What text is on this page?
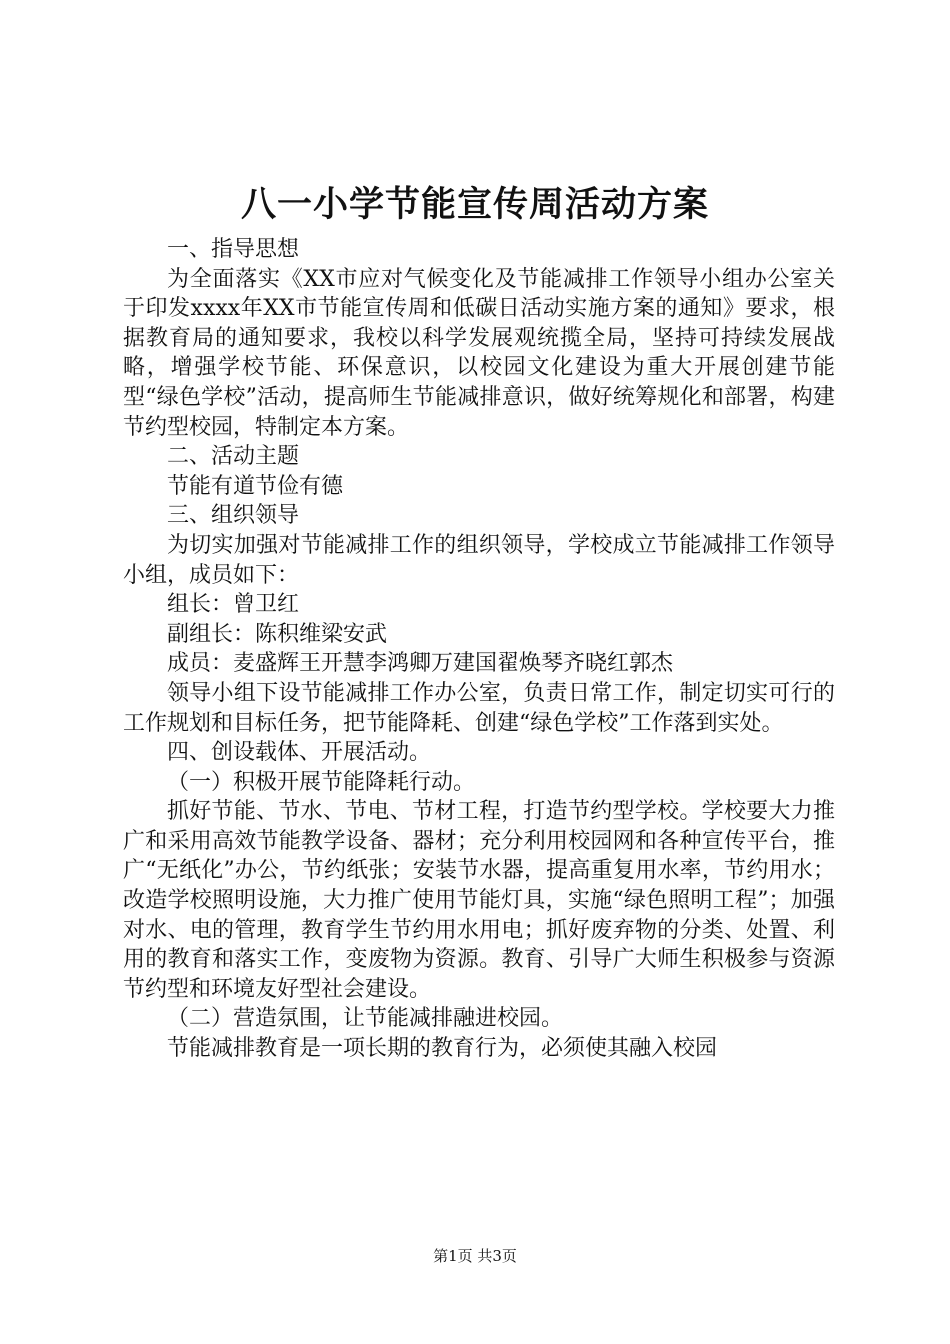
八一小学节能宣传周活动方案

一、指导思想

为全面落实《XX市应对气候变化及节能减排工作领导小组办公室关于印发xxxx年XX市节能宣传周和低碳日活动实施方案的通知》要求，根据教育局的通知要求，我校以科学发展观统揽全局，坚持可持续发展战略，增强学校节能、环保意识，以校园文化建设为重大开展创建节能型“绿色学校”活动，提高师生节能减排意识，做好统筹规化和部署，构建节约型校园，特制定本方案。

二、活动主题

节能有道节俭有德

三、组织领导

为切实加强对节能减排工作的组织领导，学校成立节能减排工作领导小组，成员如下：

组长：曾卫红

副组长：陈积维梁安武

成员：麦盛辉王开慧李鸿卿万建国翟焕琴齐晓红郭杰

领导小组下设节能减排工作办公室，负责日常工作，制定切实可行的工作规划和目标任务，把节能降耗、创建“绿色学校”工作落到实处。

四、创设载体、开展活动。

（一）积极开展节能降耗行动。

抓好节能、节水、节电、节材工程，打造节约型学校。学校要大力推广和采用高效节能教学设备、器材；充分利用校园网和各种宣传平台，推广“无纸化”办公，节约纸张；安装节水器，提高重复用水率，节约用水；改造学校照明设施，大力推广使用节能灯具，实施“绿色照明工程”；加强对水、电的管理，教育学生节约用水用电；抓好废弃物的分类、处置、利用的教育和落实工作，变废物为资源。教育、引导广大师生积极参与资源节约型和环境友好型社会建设。

（二）营造氛围，让节能减排融进校园。

节能减排教育是一项长期的教育行为，必须使其融入校园

第1页 共3页
